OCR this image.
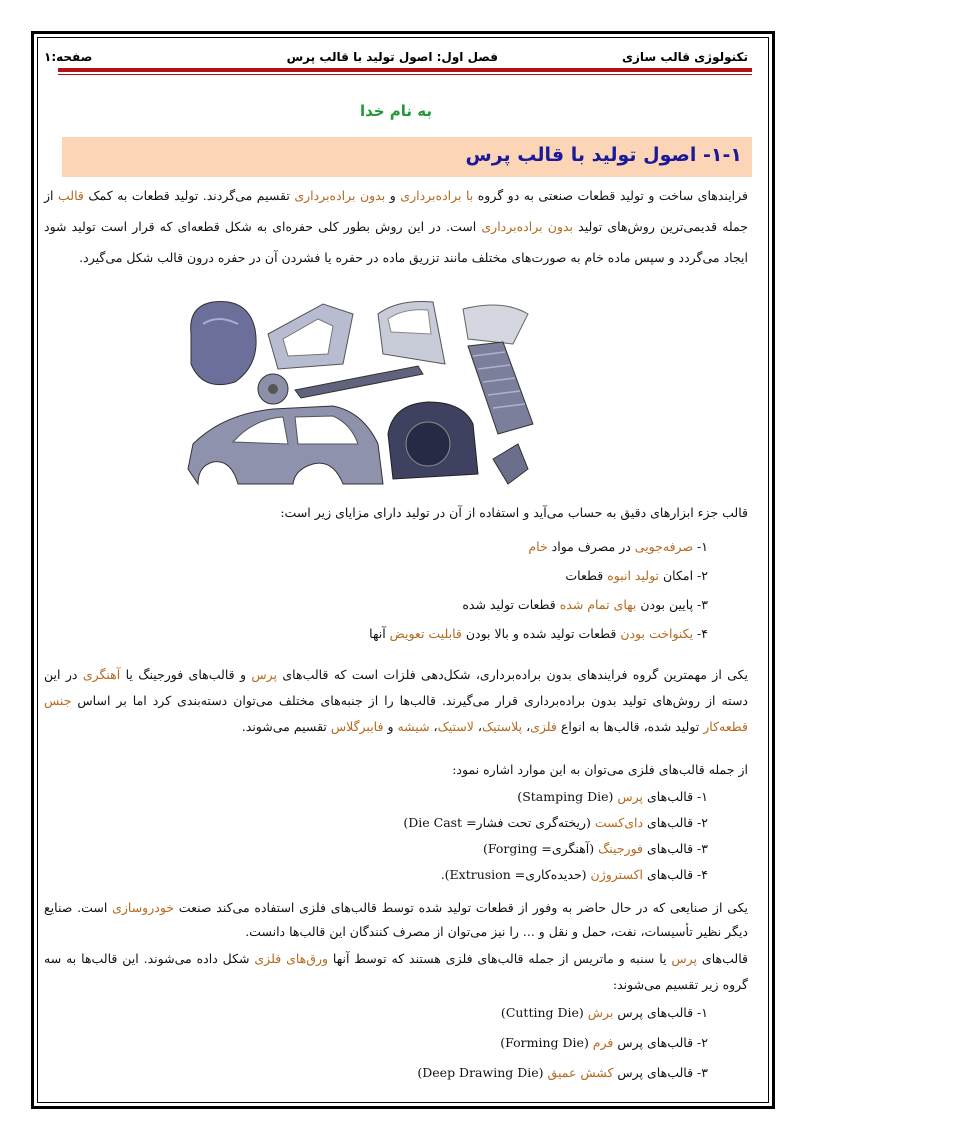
تکنولوژی قالب سازی
فصل اول: اصول تولید با قالب پرس
صفحه:۱
به نام خدا
۱-۱- اصول تولید با قالب پرس

فرایندهای ساخت و تولید قطعات صنعتی به دو گروه با براده‌برداری و بدون براده‌برداری تقسیم می‌گردند. تولید قطعات به کمک قالب از جمله قدیمی‌ترین روش‌های تولید بدون براده‌برداری است. در این روش بطور کلی حفره‌ای به شکل قطعه‌ای که قرار است تولید شود ایجاد می‌گردد و سپس ماده خام به صورت‌های مختلف مانند تزریق ماده در حفره یا فشردن آن در حفره درون قالب شکل می‌گیرد.

قالب جزء ابزارهای دقیق به حساب می‌آید و استفاده از آن در تولید دارای مزایای زیر است:
۱- صرفه‌جویی در مصرف مواد خام
۲- امکان تولید انبوه قطعات
۳- پایین بودن بهای تمام شده قطعات تولید شده
۴- یکنواخت بودن قطعات تولید شده و بالا بودن قابلیت تعویض آنها

یکی از مهمترین گروه فرایندهای بدون براده‌برداری، شکل‌دهی فلزات است که قالب‌های پرس و قالب‌های فورجینگ یا آهنگری در این دسته از روش‌های تولید بدون براده‌برداری قرار می‌گیرند. قالب‌ها را از جنبه‌های مختلف می‌توان دسته‌بندی کرد اما بر اساس جنس قطعه‌کار تولید شده، قالب‌ها به انواع فلزی، پلاستیک، لاستیک، شیشه و فایبرگلاس تقسیم می‌شوند.

از جمله قالب‌های فلزی می‌توان به این موارد اشاره نمود:
۱- قالب‌های پرس (Stamping Die)
۲- قالب‌های دای‌کست (ریخته‌گری تحت فشار= Die Cast)
۳- قالب‌های فورجینگ (آهنگری= Forging)
۴- قالب‌های اکستروژن (حدیده‌کاری= Extrusion).

یکی از صنایعی که در حال حاضر به وفور از قطعات تولید شده توسط قالب‌های فلزی استفاده می‌کند صنعت خودروسازی است. صنایع دیگر نظیر تأسیسات، نفت، حمل و نقل و ... را نیز می‌توان از مصرف کنندگان این قالب‌ها دانست.

قالب‌های پرس یا سنبه و ماتریس از جمله قالب‌های فلزی هستند که توسط آنها ورق‌های فلزی شکل داده می‌شوند. این قالب‌ها به سه گروه زیر تقسیم می‌شوند:

۱- قالب‌های پرس برش (Cutting Die)
۲- قالب‌های پرس فرم (Forming Die)
۳- قالب‌های پرس کشش عمیق (Deep Drawing Die)
